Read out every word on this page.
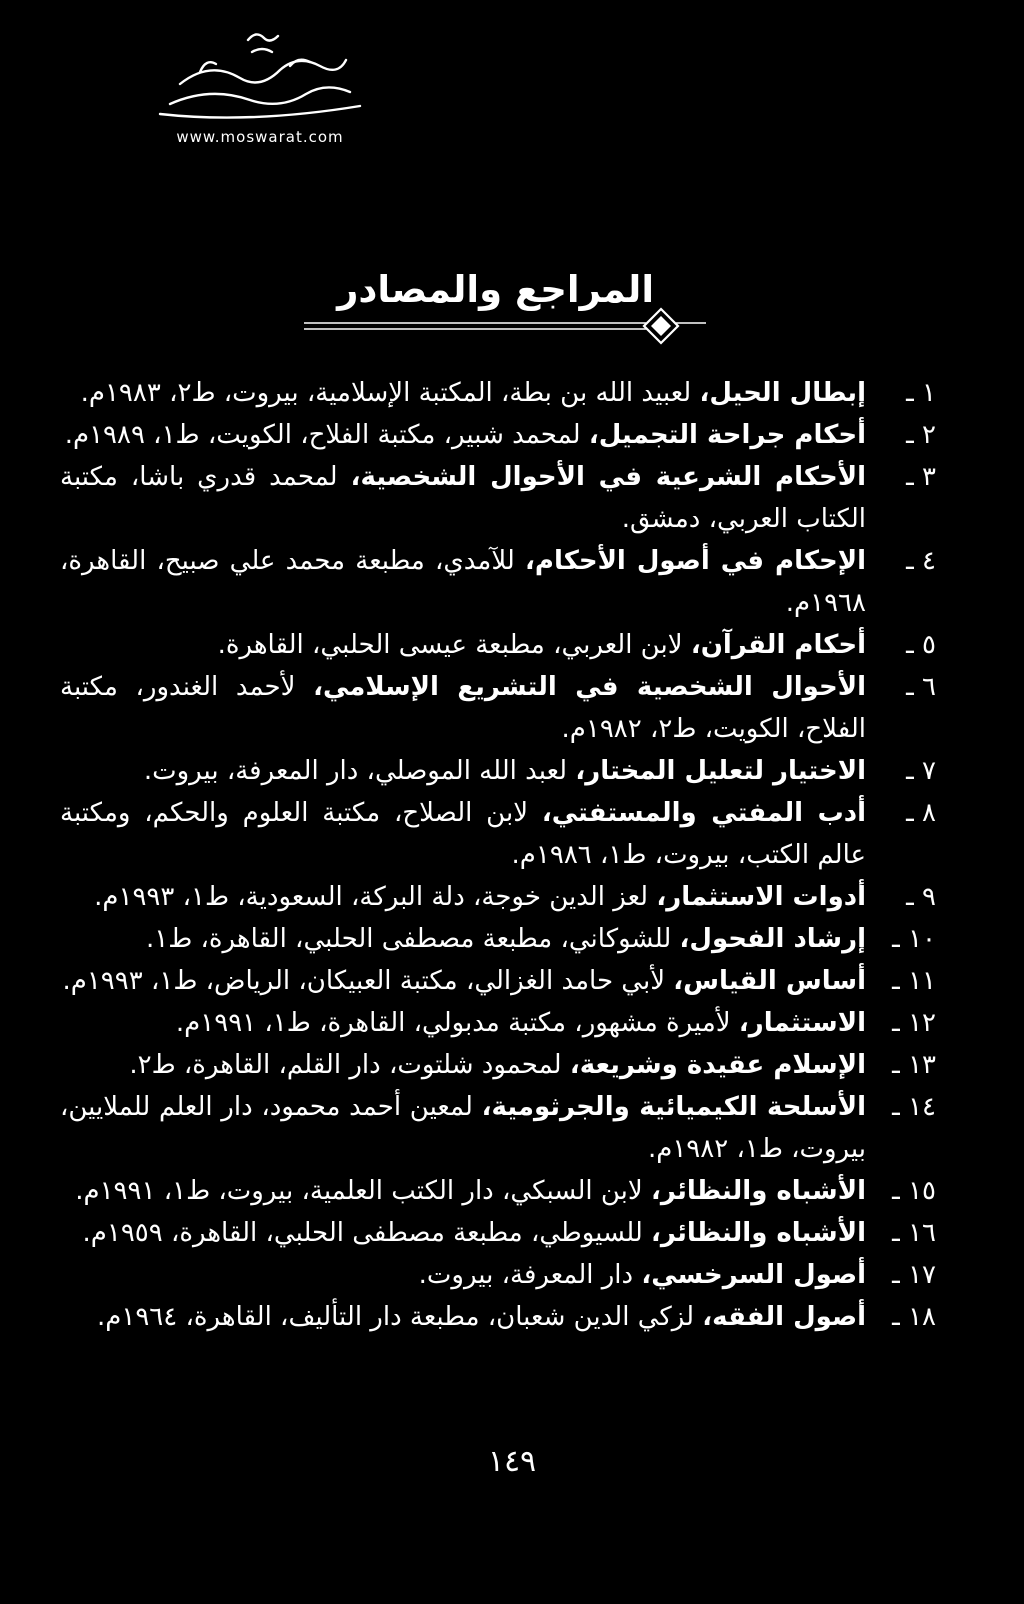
www.moswarat.com
المراجع والمصادر
١ ـ
إبطال الحيل، لعبيد الله بن بطة، المكتبة الإسلامية، بيروت، ط٢، ١٩٨٣م.
٢ ـ
أحكام جراحة التجميل، لمحمد شبير، مكتبة الفلاح، الكويت، ط١، ١٩٨٩م.
٣ ـ
الأحكام الشرعية في الأحوال الشخصية، لمحمد قدري باشا، مكتبة الكتاب العربي، دمشق.
٤ ـ
الإحكام في أصول الأحكام، للآمدي، مطبعة محمد علي صبيح، القاهرة، ١٩٦٨م.
٥ ـ
أحكام القرآن، لابن العربي، مطبعة عيسى الحلبي، القاهرة.
٦ ـ
الأحوال الشخصية في التشريع الإسلامي، لأحمد الغندور، مكتبة الفلاح، الكويت، ط٢، ١٩٨٢م.
٧ ـ
الاختيار لتعليل المختار، لعبد الله الموصلي، دار المعرفة، بيروت.
٨ ـ
أدب المفتي والمستفتي، لابن الصلاح، مكتبة العلوم والحكم، ومكتبة عالم الكتب، بيروت، ط١، ١٩٨٦م.
٩ ـ
أدوات الاستثمار، لعز الدين خوجة، دلة البركة، السعودية، ط١، ١٩٩٣م.
١٠ ـ
إرشاد الفحول، للشوكاني، مطبعة مصطفى الحلبي، القاهرة، ط١.
١١ ـ
أساس القياس، لأبي حامد الغزالي، مكتبة العبيكان، الرياض، ط١، ١٩٩٣م.
١٢ ـ
الاستثمار، لأميرة مشهور، مكتبة مدبولي، القاهرة، ط١، ١٩٩١م.
١٣ ـ
الإسلام عقيدة وشريعة، لمحمود شلتوت، دار القلم، القاهرة، ط٢.
١٤ ـ
الأسلحة الكيميائية والجرثومية، لمعين أحمد محمود، دار العلم للملايين، بيروت، ط١، ١٩٨٢م.
١٥ ـ
الأشباه والنظائر، لابن السبكي، دار الكتب العلمية، بيروت، ط١، ١٩٩١م.
١٦ ـ
الأشباه والنظائر، للسيوطي، مطبعة مصطفى الحلبي، القاهرة، ١٩٥٩م.
١٧ ـ
أصول السرخسي، دار المعرفة، بيروت.
١٨ ـ
أصول الفقه، لزكي الدين شعبان، مطبعة دار التأليف، القاهرة، ١٩٦٤م.
١٤٩
